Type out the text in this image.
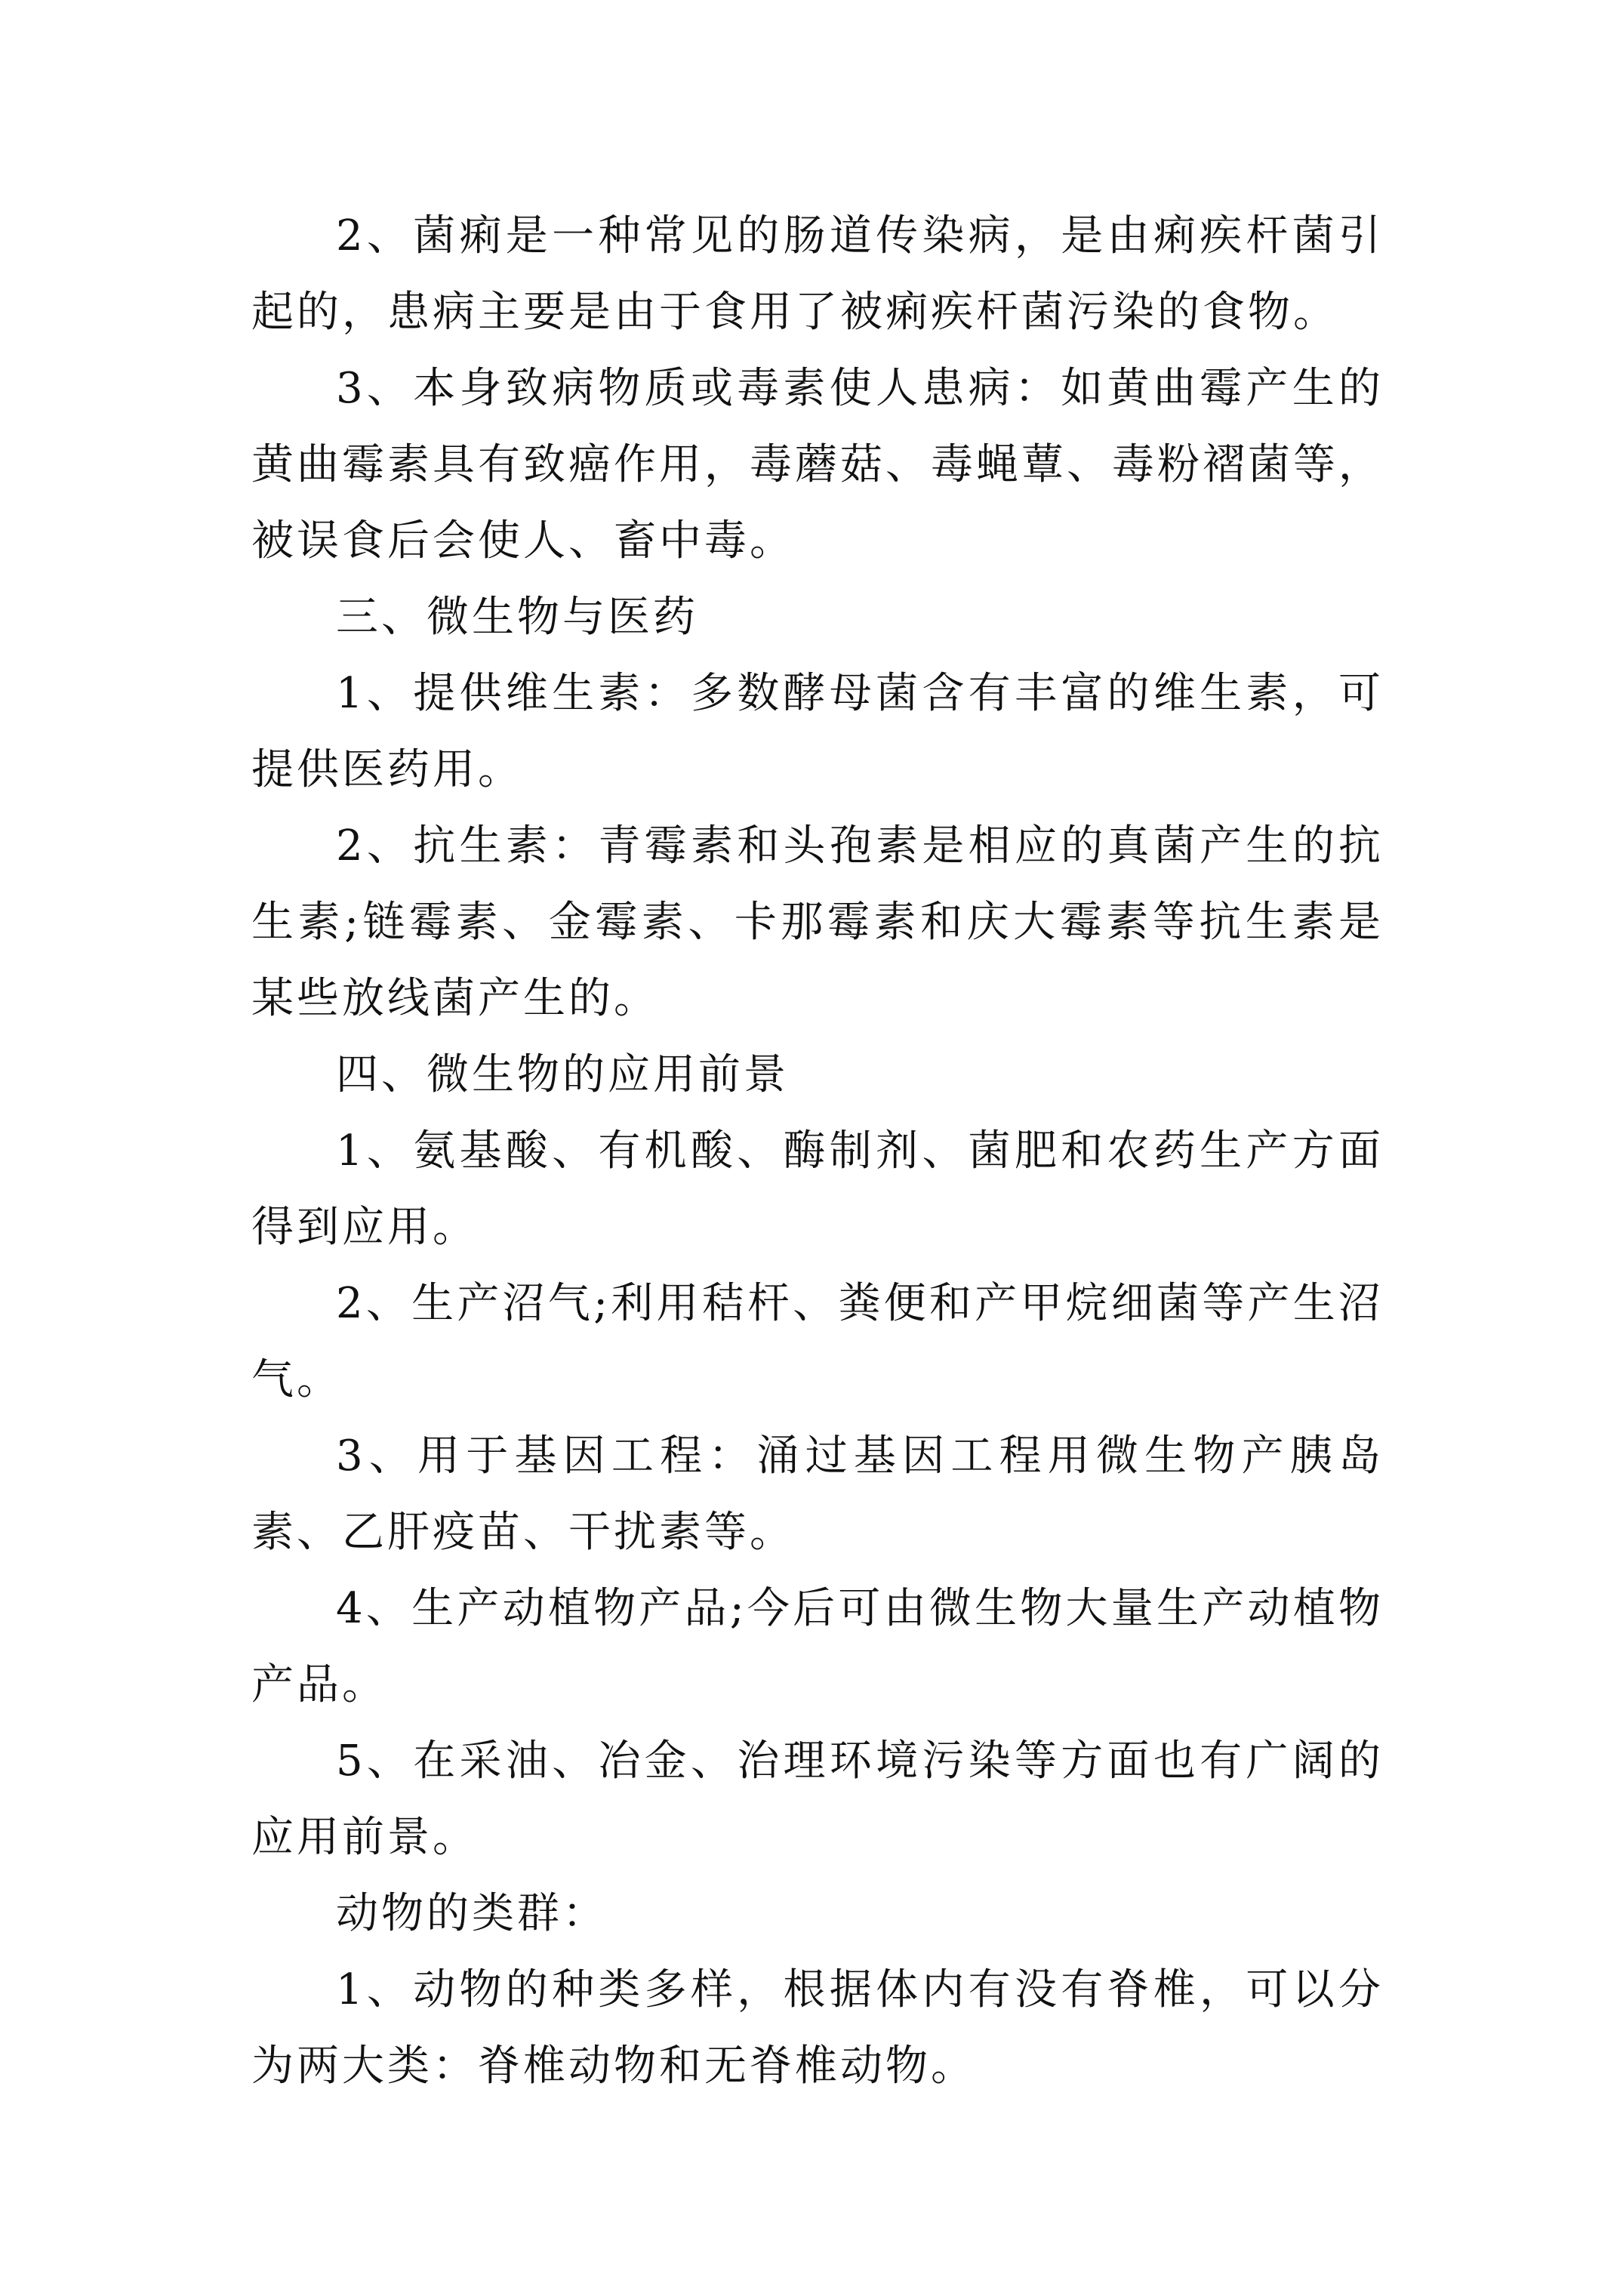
2、菌痢是一种常见的肠道传染病，是由痢疾杆菌引起的，患病主要是由于食用了被痢疾杆菌污染的食物。

3、本身致病物质或毒素使人患病：如黄曲霉产生的黄曲霉素具有致癌作用，毒蘑菇、毒蝇蕈、毒粉褶菌等，被误食后会使人、畜中毒。

三、微生物与医药

1、提供维生素：多数酵母菌含有丰富的维生素，可提供医药用。

2、抗生素：青霉素和头孢素是相应的真菌产生的抗生素;链霉素、金霉素、卡那霉素和庆大霉素等抗生素是某些放线菌产生的。

四、微生物的应用前景

1、氨基酸、有机酸、酶制剂、菌肥和农药生产方面得到应用。

2、生产沼气;利用秸杆、粪便和产甲烷细菌等产生沼气。

3、用于基因工程：涌过基因工程用微生物产胰岛素、乙肝疫苗、干扰素等。

4、生产动植物产品;今后可由微生物大量生产动植物产品。

5、在采油、冶金、治理环境污染等方面也有广阔的应用前景。

动物的类群：

1、动物的种类多样，根据体内有没有脊椎，可以分为两大类：脊椎动物和无脊椎动物。
